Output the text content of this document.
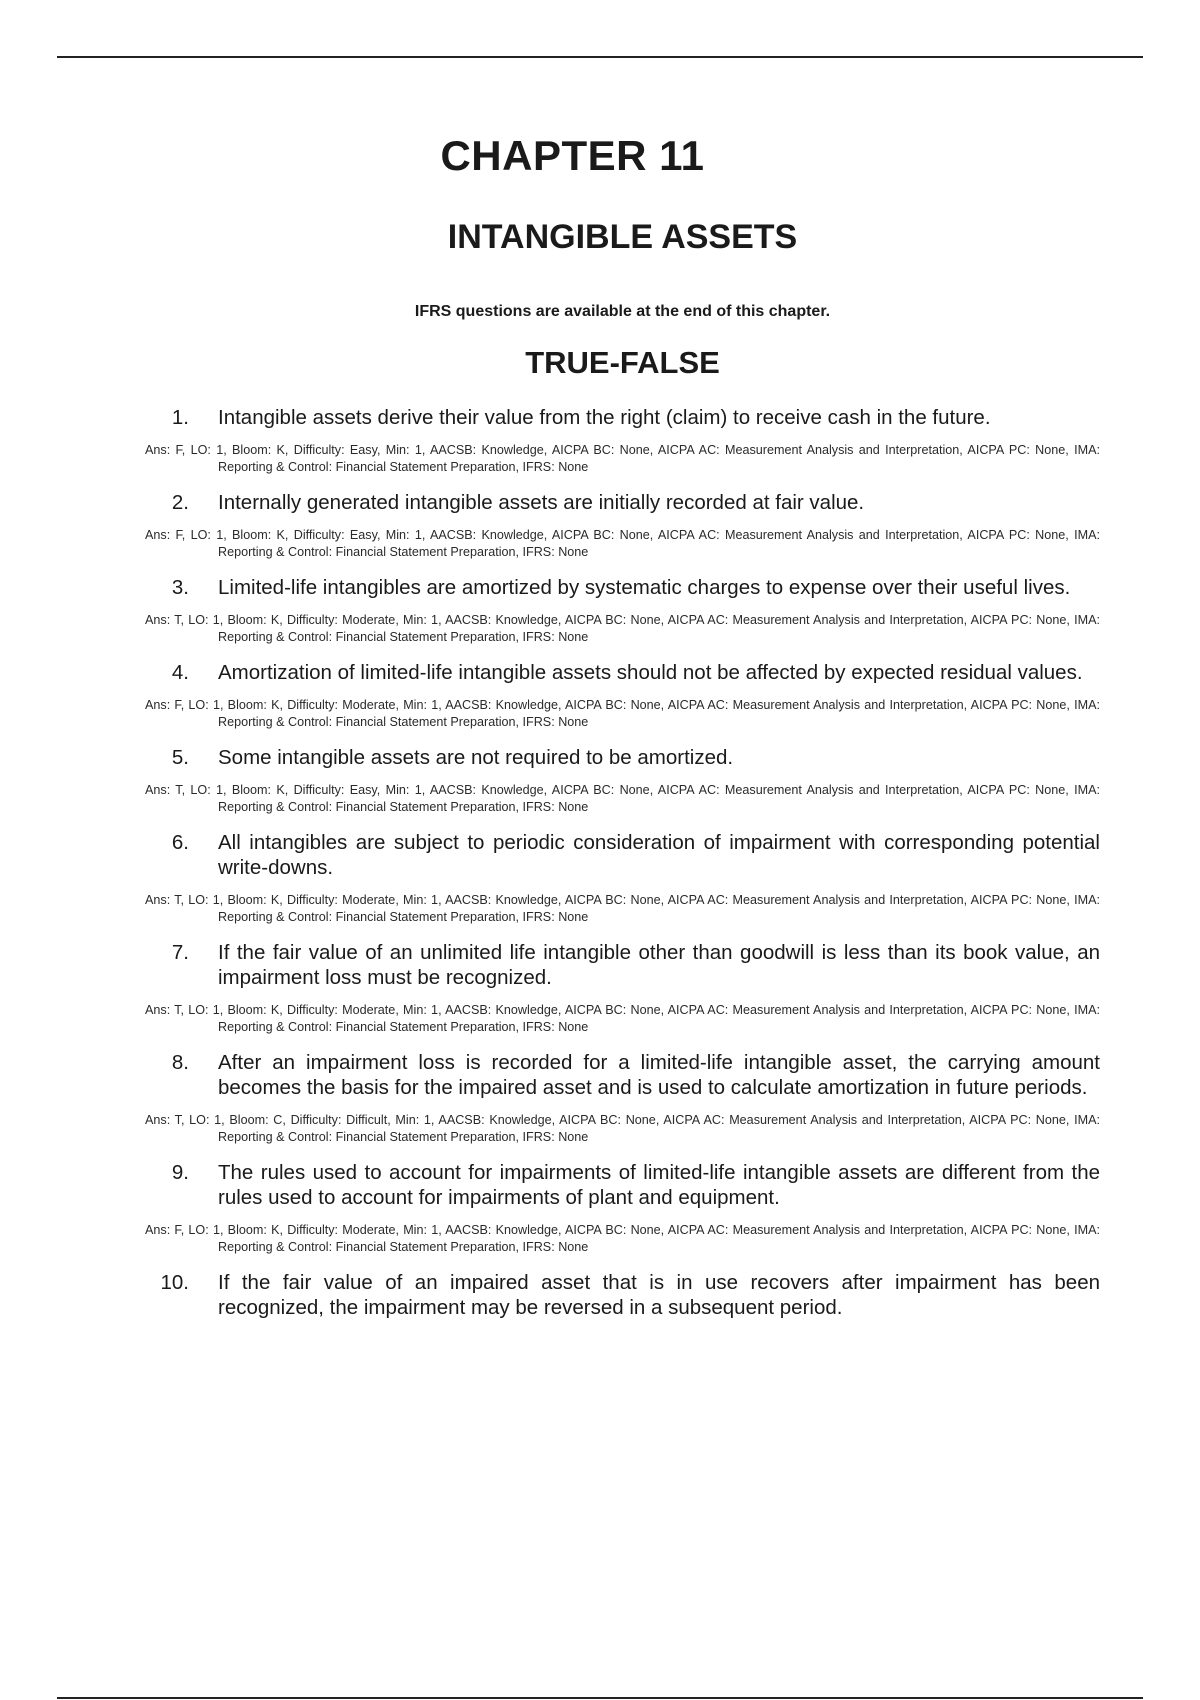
CHAPTER 11
INTANGIBLE ASSETS
IFRS questions are available at the end of this chapter.
TRUE-FALSE
1. Intangible assets derive their value from the right (claim) to receive cash in the future.
Ans: F, LO: 1, Bloom: K, Difficulty: Easy, Min: 1, AACSB: Knowledge, AICPA BC: None, AICPA AC: Measurement Analysis and Interpretation, AICPA PC: None, IMA: Reporting & Control: Financial Statement Preparation, IFRS: None
2. Internally generated intangible assets are initially recorded at fair value.
Ans: F, LO: 1, Bloom: K, Difficulty: Easy, Min: 1, AACSB: Knowledge, AICPA BC: None, AICPA AC: Measurement Analysis and Interpretation, AICPA PC: None, IMA: Reporting & Control: Financial Statement Preparation, IFRS: None
3. Limited-life intangibles are amortized by systematic charges to expense over their useful lives.
Ans: T, LO: 1, Bloom: K, Difficulty: Moderate, Min: 1, AACSB: Knowledge, AICPA BC: None, AICPA AC: Measurement Analysis and Interpretation, AICPA PC: None, IMA: Reporting & Control: Financial Statement Preparation, IFRS: None
4. Amortization of limited-life intangible assets should not be affected by expected residual values.
Ans: F, LO: 1, Bloom: K, Difficulty: Moderate, Min: 1, AACSB: Knowledge, AICPA BC: None, AICPA AC: Measurement Analysis and Interpretation, AICPA PC: None, IMA: Reporting & Control: Financial Statement Preparation, IFRS: None
5. Some intangible assets are not required to be amortized.
Ans: T, LO: 1, Bloom: K, Difficulty: Easy, Min: 1, AACSB: Knowledge, AICPA BC: None, AICPA AC: Measurement Analysis and Interpretation, AICPA PC: None, IMA: Reporting & Control: Financial Statement Preparation, IFRS: None
6. All intangibles are subject to periodic consideration of impairment with corresponding potential write-downs.
Ans: T, LO: 1, Bloom: K, Difficulty: Moderate, Min: 1, AACSB: Knowledge, AICPA BC: None, AICPA AC: Measurement Analysis and Interpretation, AICPA PC: None, IMA: Reporting & Control: Financial Statement Preparation, IFRS: None
7. If the fair value of an unlimited life intangible other than goodwill is less than its book value, an impairment loss must be recognized.
Ans: T, LO: 1, Bloom: K, Difficulty: Moderate, Min: 1, AACSB: Knowledge, AICPA BC: None, AICPA AC: Measurement Analysis and Interpretation, AICPA PC: None, IMA: Reporting & Control: Financial Statement Preparation, IFRS: None
8. After an impairment loss is recorded for a limited-life intangible asset, the carrying amount becomes the basis for the impaired asset and is used to calculate amortization in future periods.
Ans: T, LO: 1, Bloom: C, Difficulty: Difficult, Min: 1, AACSB: Knowledge, AICPA BC: None, AICPA AC: Measurement Analysis and Interpretation, AICPA PC: None, IMA: Reporting & Control: Financial Statement Preparation, IFRS: None
9. The rules used to account for impairments of limited-life intangible assets are different from the rules used to account for impairments of plant and equipment.
Ans: F, LO: 1, Bloom: K, Difficulty: Moderate, Min: 1, AACSB: Knowledge, AICPA BC: None, AICPA AC: Measurement Analysis and Interpretation, AICPA PC: None, IMA: Reporting & Control: Financial Statement Preparation, IFRS: None
10. If the fair value of an impaired asset that is in use recovers after impairment has been recognized, the impairment may be reversed in a subsequent period.
